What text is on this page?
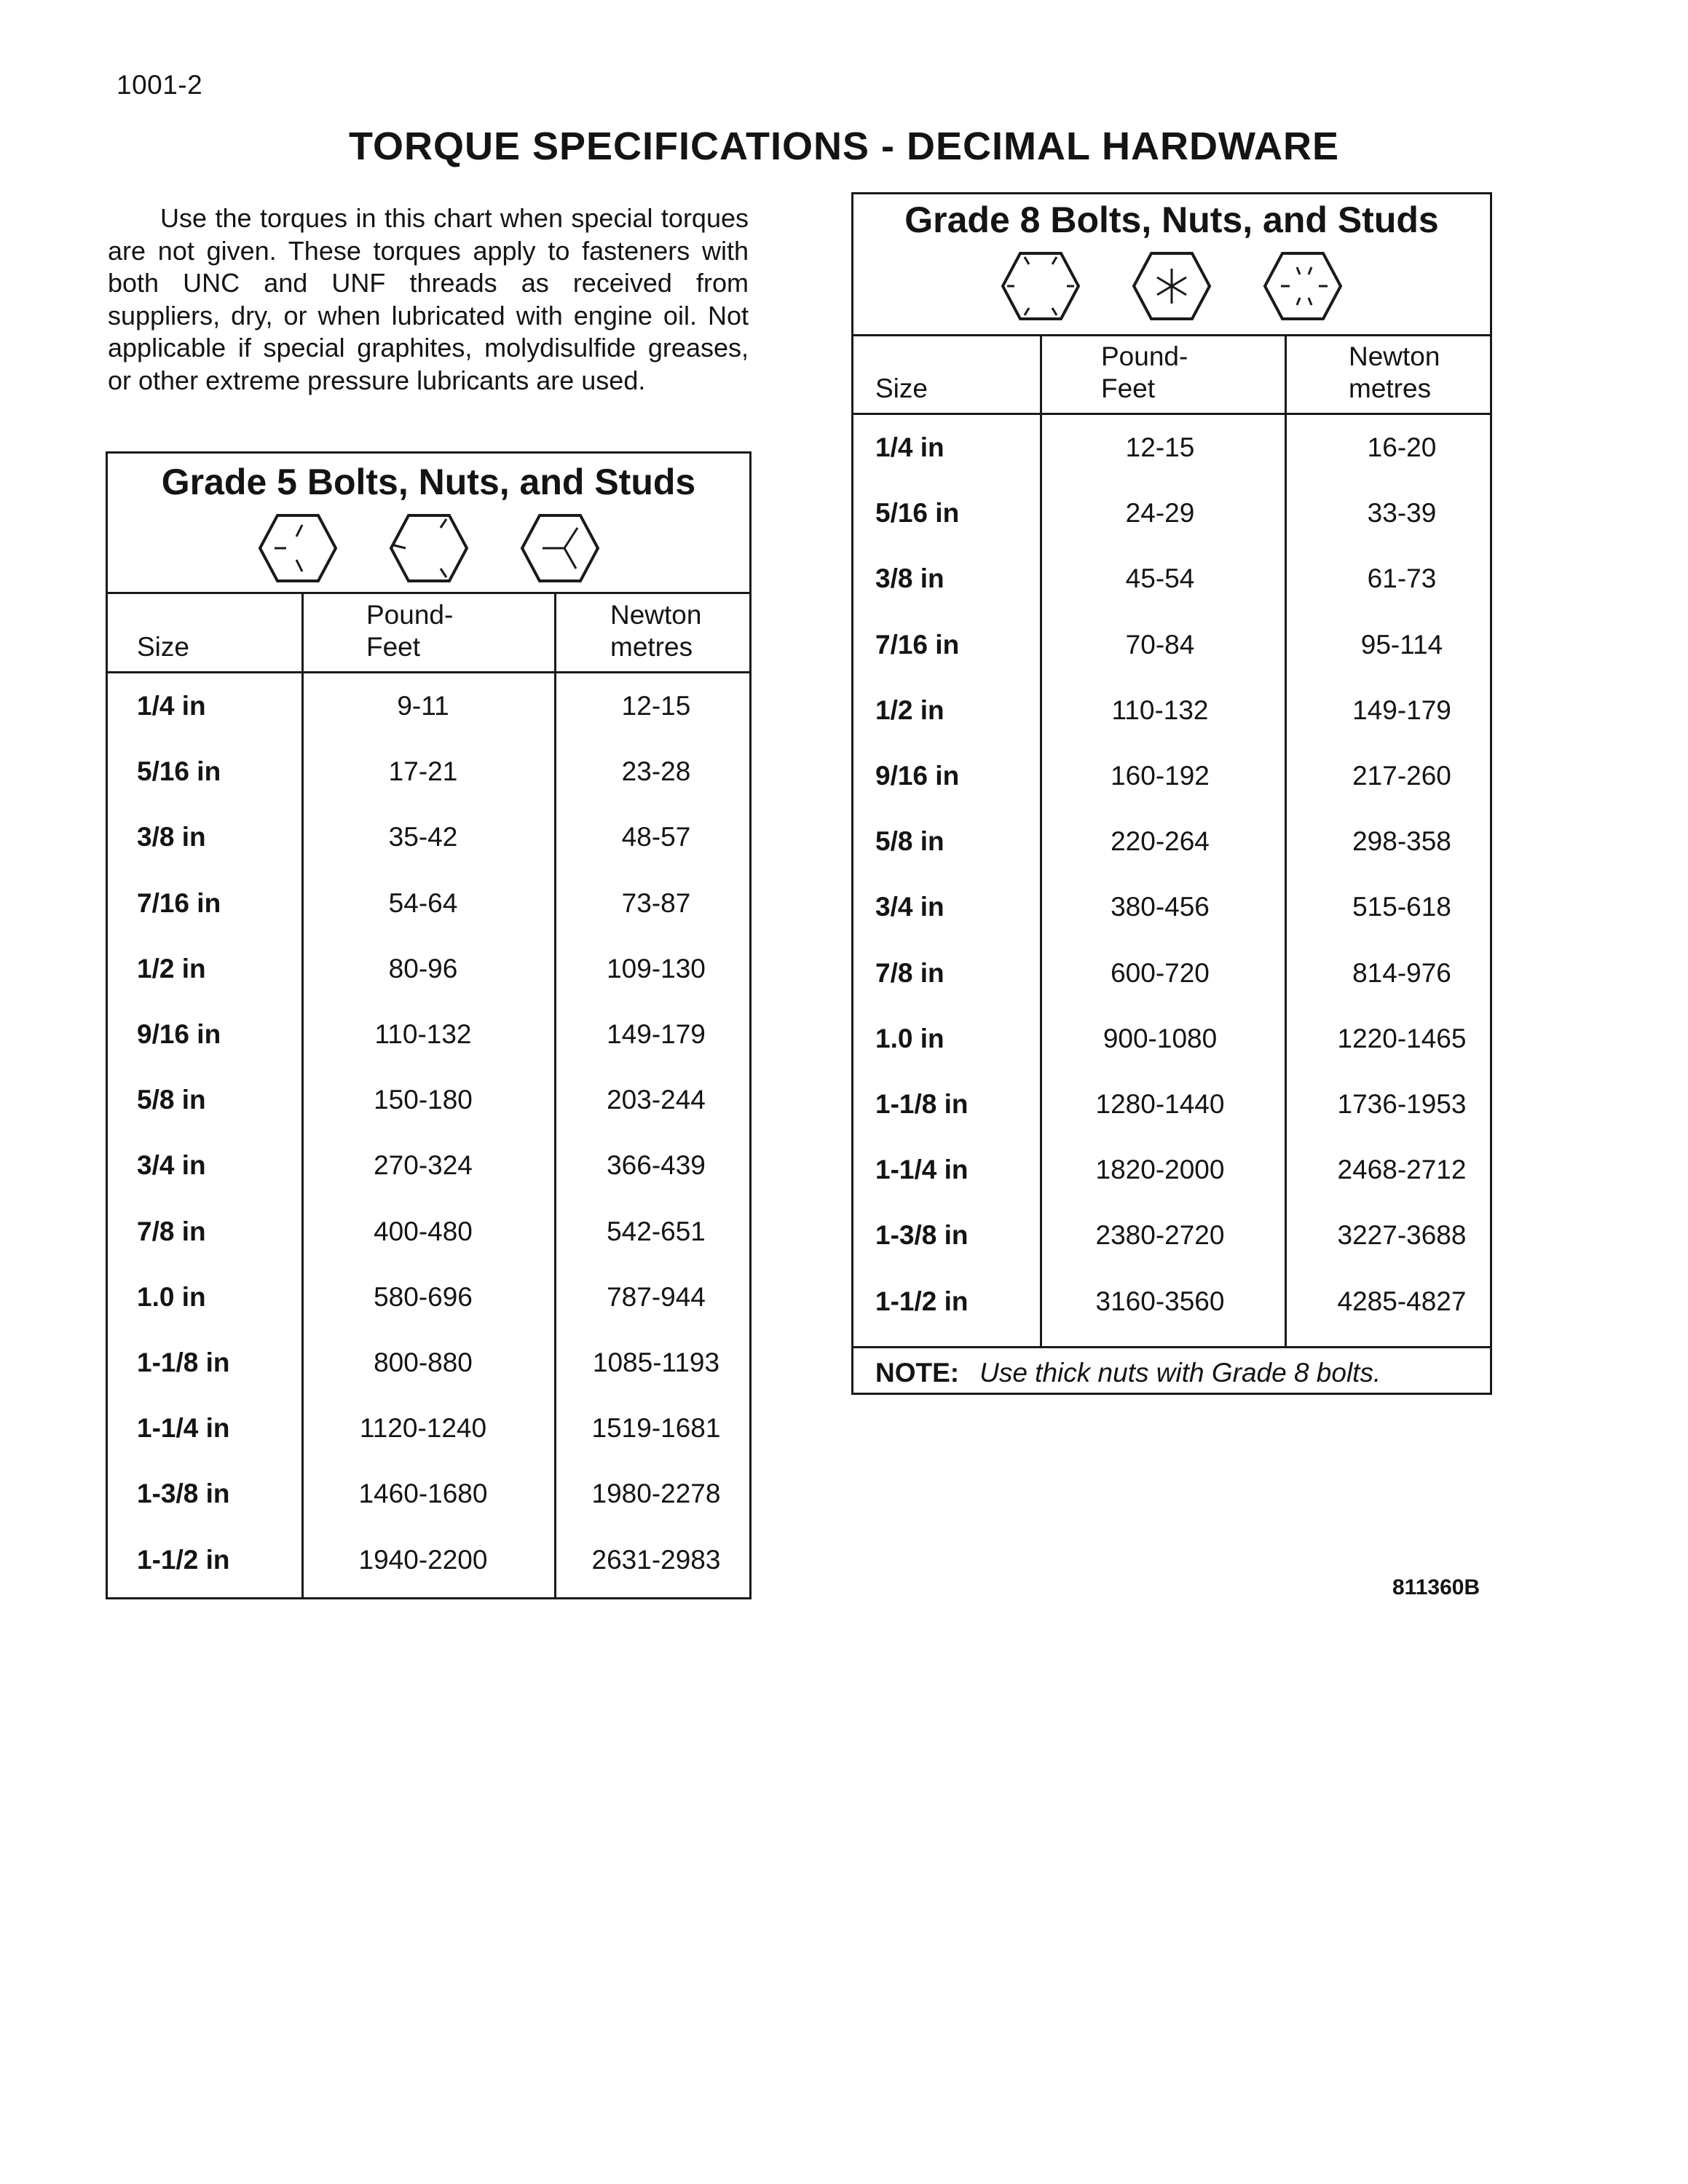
1001-2
TORQUE SPECIFICATIONS - DECIMAL HARDWARE

Use the torques in this chart when special torques are not given. These torques apply to fasteners with both UNC and UNF threads as received from suppliers, dry, or when lubricated with engine oil. Not applicable if special graphites, molydisulfide greases, or other extreme pressure lubricants are used.

Grade 5 Bolts, Nuts, and Studs
Size
Pound-
Feet
Newton
metres
1/4 in	9-11	12-15
5/16 in	17-21	23-28
3/8 in	35-42	48-57
7/16 in	54-64	73-87
1/2 in	80-96	109-130
9/16 in	110-132	149-179
5/8 in	150-180	203-244
3/4 in	270-324	366-439
7/8 in	400-480	542-651
1.0 in	580-696	787-944
1-1/8 in	800-880	1085-1193
1-1/4 in	1120-1240	1519-1681
1-3/8 in	1460-1680	1980-2278
1-1/2 in	1940-2200	2631-2983
Grade 8 Bolts, Nuts, and Studs
Size
Pound-
Feet
Newton
metres
1/4 in	12-15	16-20
5/16 in	24-29	33-39
3/8 in	45-54	61-73
7/16 in	70-84	95-114
1/2 in	110-132	149-179
9/16 in	160-192	217-260
5/8 in	220-264	298-358
3/4 in	380-456	515-618
7/8 in	600-720	814-976
1.0 in	900-1080	1220-1465
1-1/8 in	1280-1440	1736-1953
1-1/4 in	1820-2000	2468-2712
1-3/8 in	2380-2720	3227-3688
1-1/2 in	3160-3560	4285-4827
NOTE: Use thick nuts with Grade 8 bolts.
811360B
